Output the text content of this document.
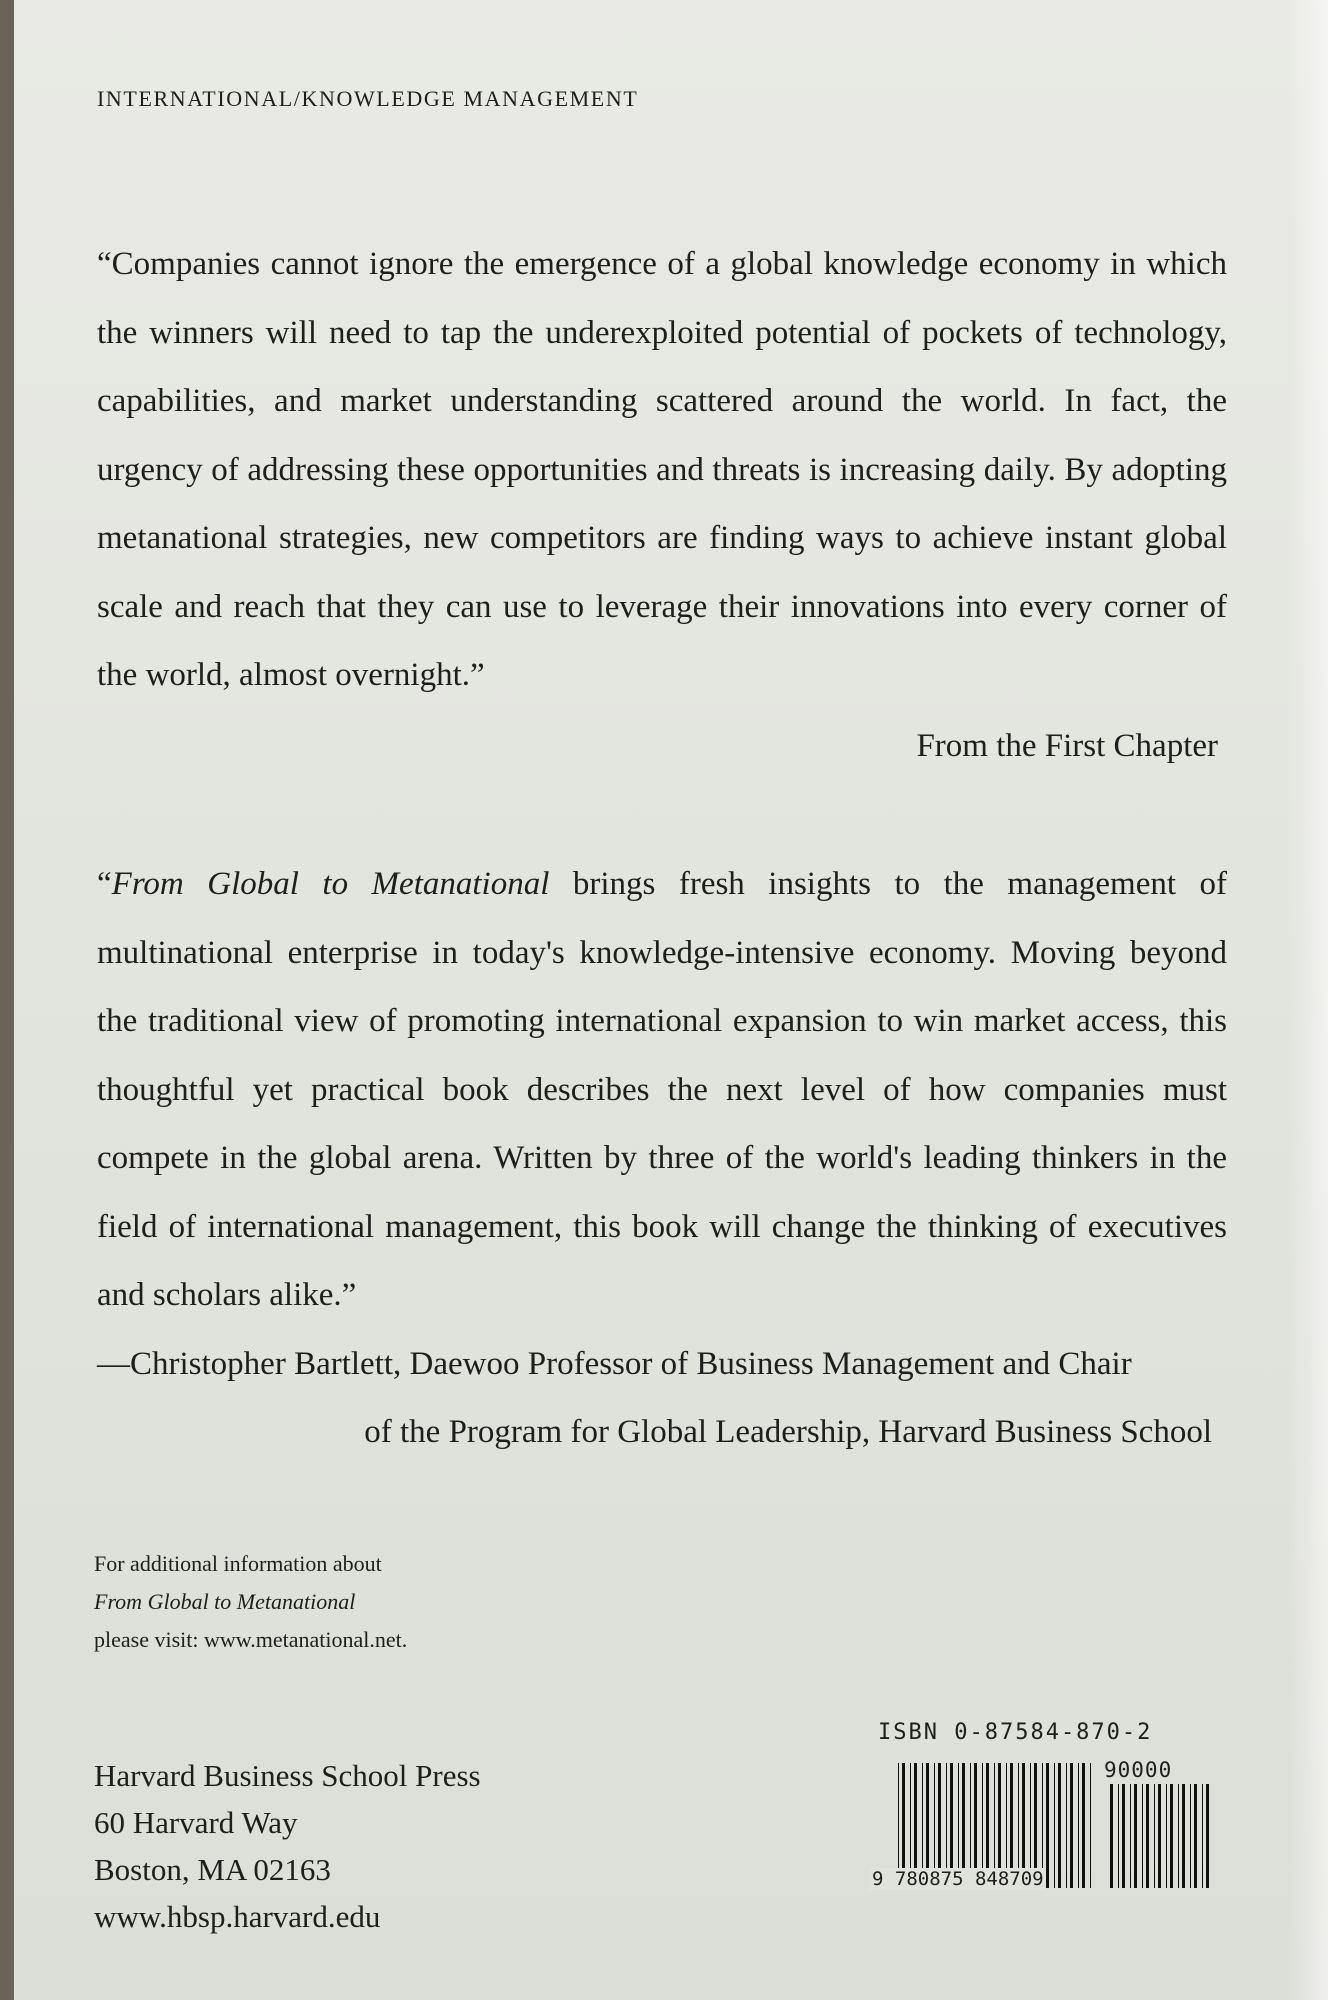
INTERNATIONAL/KNOWLEDGE MANAGEMENT

“Companies cannot ignore the emergence of a global knowledge economy in which the winners will need to tap the underexploited potential of pockets of technology, capabilities, and market understanding scattered around the world. In fact, the urgency of addressing these opportunities and threats is increasing daily. By adopting metanational strategies, new competitors are finding ways to achieve instant global scale and reach that they can use to leverage their innovations into every corner of the world, almost overnight.”

From the First Chapter

“From Global to Metanational brings fresh insights to the management of multinational enterprise in today's knowledge-intensive economy. Moving beyond the traditional view of promoting international expansion to win market access, this thoughtful yet practical book describes the next level of how companies must compete in the global arena. Written by three of the world's leading thinkers in the field of international management, this book will change the thinking of executives and scholars alike.”

—Christopher Bartlett, Daewoo Professor of Business Management and Chair
of the Program for Global Leadership, Harvard Business School

For additional information about
From Global to Metanational
please visit: www.metanational.net.

Harvard Business School Press
60 Harvard Way
Boston, MA 02163
www.hbsp.harvard.edu

ISBN 0-87584-870-2

90000

9 780875 848709
